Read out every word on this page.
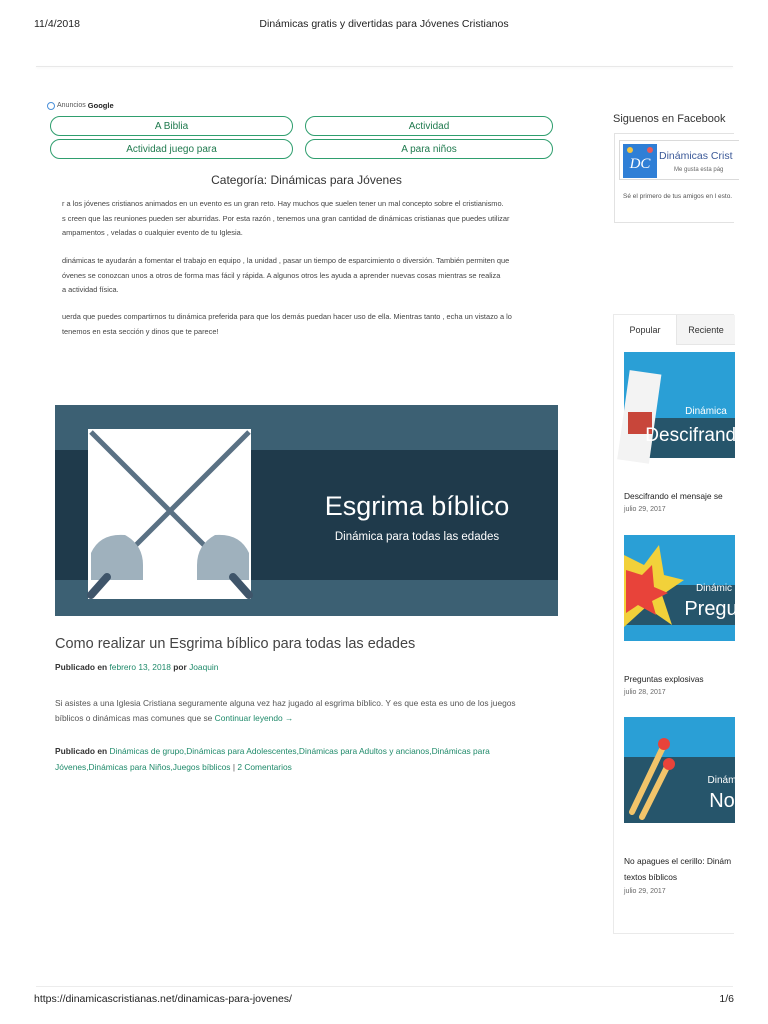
11/4/2018	Dinámicas gratis y divertidas para Jóvenes Cristianos
Anuncios Google
A Biblia	Actividad
Actividad juego para	A para niños
Categoría: Dinámicas para Jóvenes

r a los jóvenes cristianos animados en un evento es un gran reto. Hay muchos que suelen tener un mal concepto sobre el cristianismo.

s creen que las reuniones pueden ser aburridas. Por esta razón , tenemos una gran cantidad de dinámicas cristianas que puedes utilizar

ampamentos , veladas o cualquier evento de tu Iglesia.

dinámicas te ayudarán a fomentar el trabajo en equipo , la unidad , pasar un tiempo de esparcimiento o diversión. También permiten que

óvenes se conozcan unos a otros de forma mas fácil y rápida. A algunos otros les ayuda a aprender nuevas cosas mientras se realiza

a actividad física.

uerda que puedes compartirnos tu dinámica preferida para que los demás puedan hacer uso de ella. Mientras tanto , echa un vistazo a lo

tenemos en esta sección y dinos que te parece!

Esgrima bíblico
Dinámica para todas las edades
Como realizar un Esgrima bíblico para todas las edades
Publicado en febrero 13, 2018 por Joaquin
Si asistes a una Iglesia Cristiana seguramente alguna vez haz jugado al esgrima bíblico. Y es que esta es uno de los juegos
bíblicos o dinámicas mas comunes que se Continuar leyendo →
Publicado en Dinámicas de grupo,Dinámicas para Adolescentes,Dinámicas para Adultos y ancianos,Dinámicas para
Jóvenes,Dinámicas para Niños,Juegos bíblicos | 2 Comentarios
Siguenos en Facebook
DC Dinámicas Crist
Me gusta esta pág
Sé el primero de tus amigos en l esto.
Popular	Reciente
Dinámica
Descifrando
Descifrando el mensaje se
julio 29, 2017
Dinámic
Pregu
Preguntas explosivas
julio 28, 2017
Dinám
No
No apagues el cerillo: Dinám
textos bíblicos
julio 29, 2017
https://dinamicascristianas.net/dinamicas-para-jovenes/	1/6
